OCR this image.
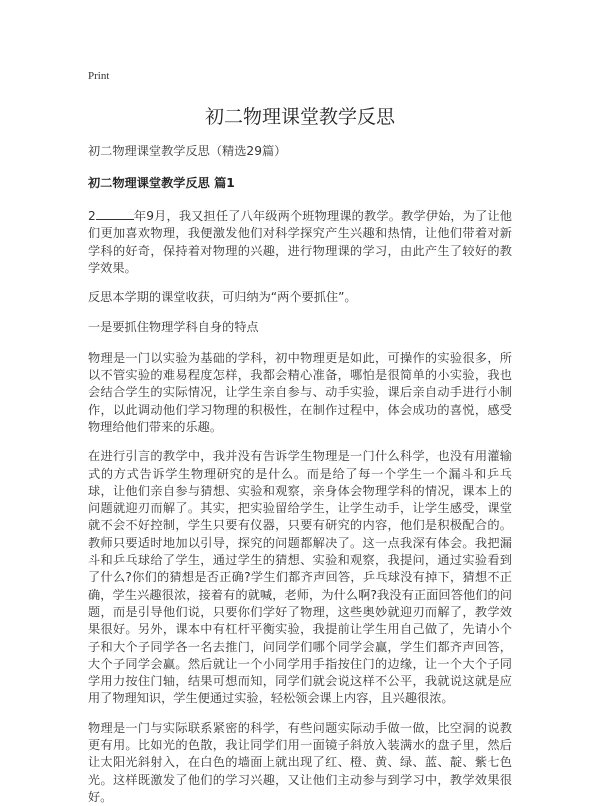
Print
初二物理课堂教学反思

初二物理课堂教学反思（精选29篇）

初二物理课堂教学反思 篇1

2	年9月，我又担任了八年级两个班物理课的教学。教学伊始，为了让他们更加喜欢物理，我便激发他们对科学探究产生兴趣和热情，让他们带着对新学科的好奇，保持着对物理的兴趣，进行物理课的学习，由此产生了较好的教学效果。

反思本学期的课堂收获，可归纳为“两个要抓住”。

一是要抓住物理学科自身的特点

物理是一门以实验为基础的学科，初中物理更是如此，可操作的实验很多，所以不管实验的难易程度怎样，我都会精心准备，哪怕是很简单的小实验，我也会结合学生的实际情况，让学生亲自参与、动手实验，课后亲自动手进行小制作，以此调动他们学习物理的积极性，在制作过程中，体会成功的喜悦，感受物理给他们带来的乐趣。

在进行引言的教学中，我并没有告诉学生物理是一门什么科学，也没有用灌输式的方式告诉学生物理研究的是什么。而是给了每一个学生一个漏斗和乒乓球，让他们亲自参与猜想、实验和观察，亲身体会物理学科的情况，课本上的问题就迎刃而解了。其实，把实验留给学生，让学生动手，让学生感受，课堂就不会不好控制，学生只要有仪器，只要有研究的内容，他们是积极配合的。教师只要适时地加以引导，探究的问题都解决了。这一点我深有体会。我把漏斗和乒乓球给了学生，通过学生的猜想、实验和观察，我提问，通过实验看到了什么?你们的猜想是否正确?学生们都齐声回答，乒乓球没有掉下，猜想不正确，学生兴趣很浓，接着有的就喊，老师，为什么啊?我没有正面回答他们的问题，而是引导他们说，只要你们学好了物理，这些奥妙就迎刃而解了，教学效果很好。另外，课本中有杠杆平衡实验，我提前让学生用自己做了，先请小个子和大个子同学各一名去推门，问同学们哪个同学会赢，学生们都齐声回答，大个子同学会赢。然后就让一个小同学用手指按住门的边缘，让一个大个子同学用力按住门轴，结果可想而知，同学们就会说这样不公平，我就说这就是应用了物理知识，学生便通过实验，轻松领会课上内容，且兴趣很浓。

物理是一门与实际联系紧密的科学，有些问题实际动手做一做，比空洞的说教更有用。比如光的色散，我让同学们用一面镜子斜放入装满水的盘子里，然后让太阳光斜射入，在白色的墙面上就出现了红、橙、黄、绿、蓝、靛、紫七色光。这样既激发了他们的学习兴趣，又让他们主动参与到学习中，教学效果很好。
